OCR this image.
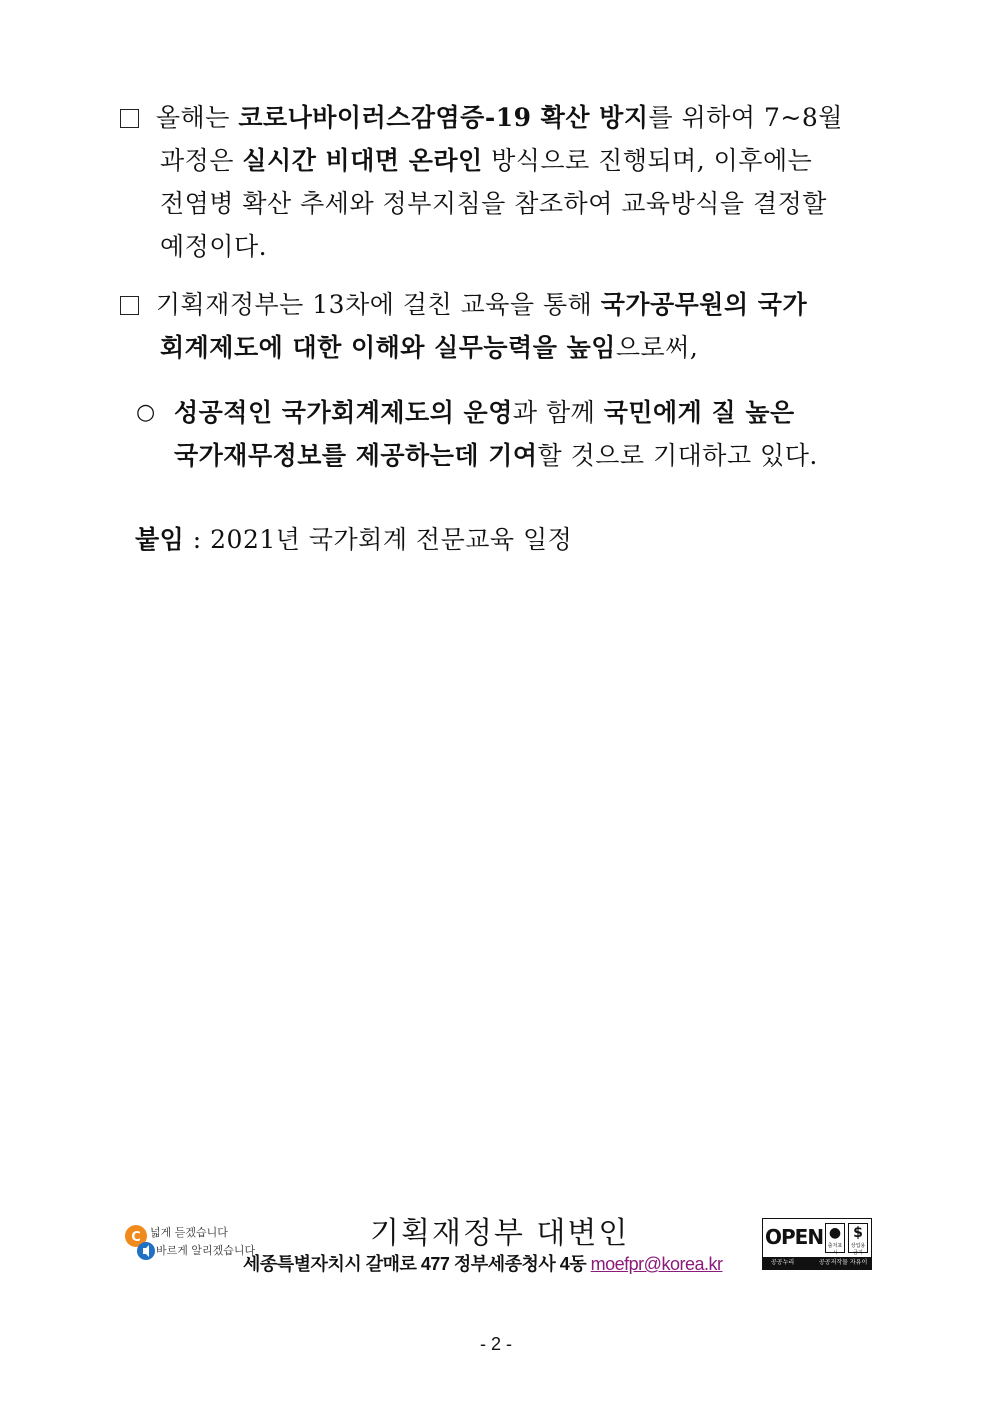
올해는 코로나바이러스감염증-19 확산 방지를 위하여 7~8월
과정은 실시간 비대면 온라인 방식으로 진행되며, 이후에는
전염병 확산 추세와 정부지침을 참조하여 교육방식을 결정할
예정이다.
기획재정부는 13차에 걸친 교육을 통해 국가공무원의 국가
회계제도에 대한 이해와 실무능력을 높임으로써,
○ 성공적인 국가회계제도의 운영과 함께 국민에게 질 높은
국가재무정보를 제공하는데 기여할 것으로 기대하고 있다.
붙임 : 2021년 국가회계 전문교육 일정
C 넓게 듣겠습니다
바르게 알리겠습니다	기획재정부 대변인
세종특별자치시 갈매로 477 정부세종청사 4동 moefpr@korea.kr
OPEN ●
출처표시
$
상업용금지
공공누리	공공저작물 자유이용허락
- 2 -
